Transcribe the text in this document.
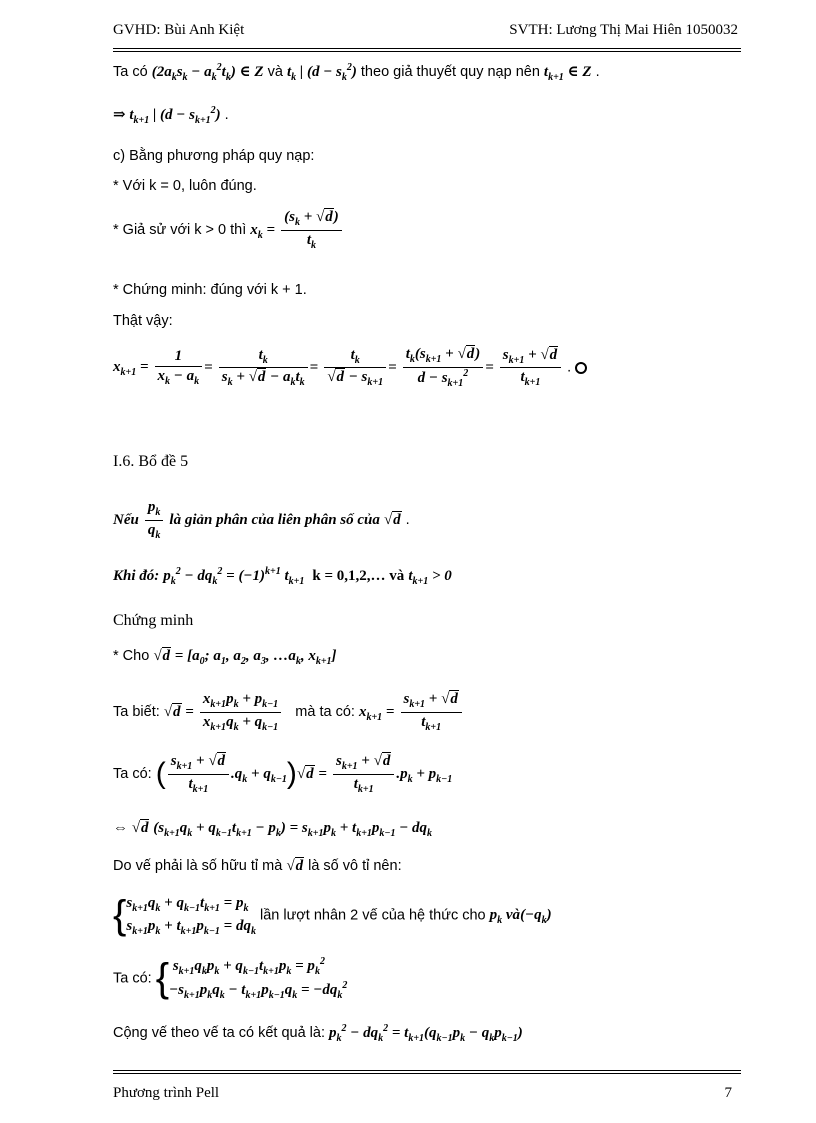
GVHD: Bùi Anh Kiệt	SVTH: Lương Thị Mai Hiên 1050032
Ta có $(2a_ks_k - a_k^2t_k)$ ∈ Z và $t_k$ | $(d - s_k^2)$ theo giả thuyết quy nạp nên $t_{k+1}$ ∈ Z .
⇒ $t_{k+1}$ | $(d - s_{k+1}^2)$ .
c) Bằng phương pháp quy nạp:
* Với k = 0, luôn đúng.
* Giả sử với k > 0 thì $x_k = \frac{(s_k + √d)}{t_k}$
* Chứng minh: đúng với k + 1.
Thật vậy:
$x_{k+1} = \frac{1}{x_k - a_k} = \frac{t_k}{s_k + √d - a_kt_k} = \frac{t_k}{√d - s_{k+1}} = \frac{t_k(s_{k+1} + √d)}{d - s_{k+1}^2} = \frac{s_{k+1} + √d}{t_{k+1}}$ .
I.6. Bổ đề 5
Nếu $\frac{p_k}{q_k}$ là giản phân của liên phân số của √d .
Khi đó: $p_k^2 - dq_k^2 = (-1)^{k+1}$ $t_{k+1}$ k = 0,1,2,… và $t_{k+1} > 0$
Chứng minh
* Cho $√d = [a_0$; $a_1$, $a_2$, $a_3$, $\dots a_k$, $x_{k+1}$]
Ta biết: $√d = \frac{x_{k+1}p_k + p_{k-1}}{x_{k+1}q_k + q_{k-1}}$ mà ta có: $x_{k+1} = \frac{s_{k+1} + √d}{t_{k+1}}$
Ta có: ( $\frac{s_{k+1} + √d}{t_{k+1}} .q_k + q_{k-1})√d = \frac{s_{k+1} + √d}{t_{k+1}} .p_k + p_{k-1}$
⇔ √d $(s_{k+1}q_k + q_{k-1}t_{k+1} - p_k) = s_{k+1}p_k + t_{k+1}p_{k-1} - dq_k$
Do vế phải là số hữu tỉ mà √d là số vô tỉ nên:
{ $s_{k+1}q_k + q_{k-1}t_{k+1} = p_k$
$s_{k+1}p_k + t_{k+1}p_{k-1} = dq_k$
lần lượt nhân 2 vế của hệ thức cho $p_k$ $và(-q_k)$
Ta có: { $s_{k+1}q_kp_k + q_{k-1}t_{k+1}p_k = p_k^2$
$-s_{k+1}p_kq_k - t_{k+1}p_{k-1}q_k = -dq_k^2$
Cộng vế theo vế ta có kết quả là: $p_k^2 - dq_k^2 = t_{k+1}(q_{k-1}p_k - q_kp_{k-1})$
Phương trình Pell	7
